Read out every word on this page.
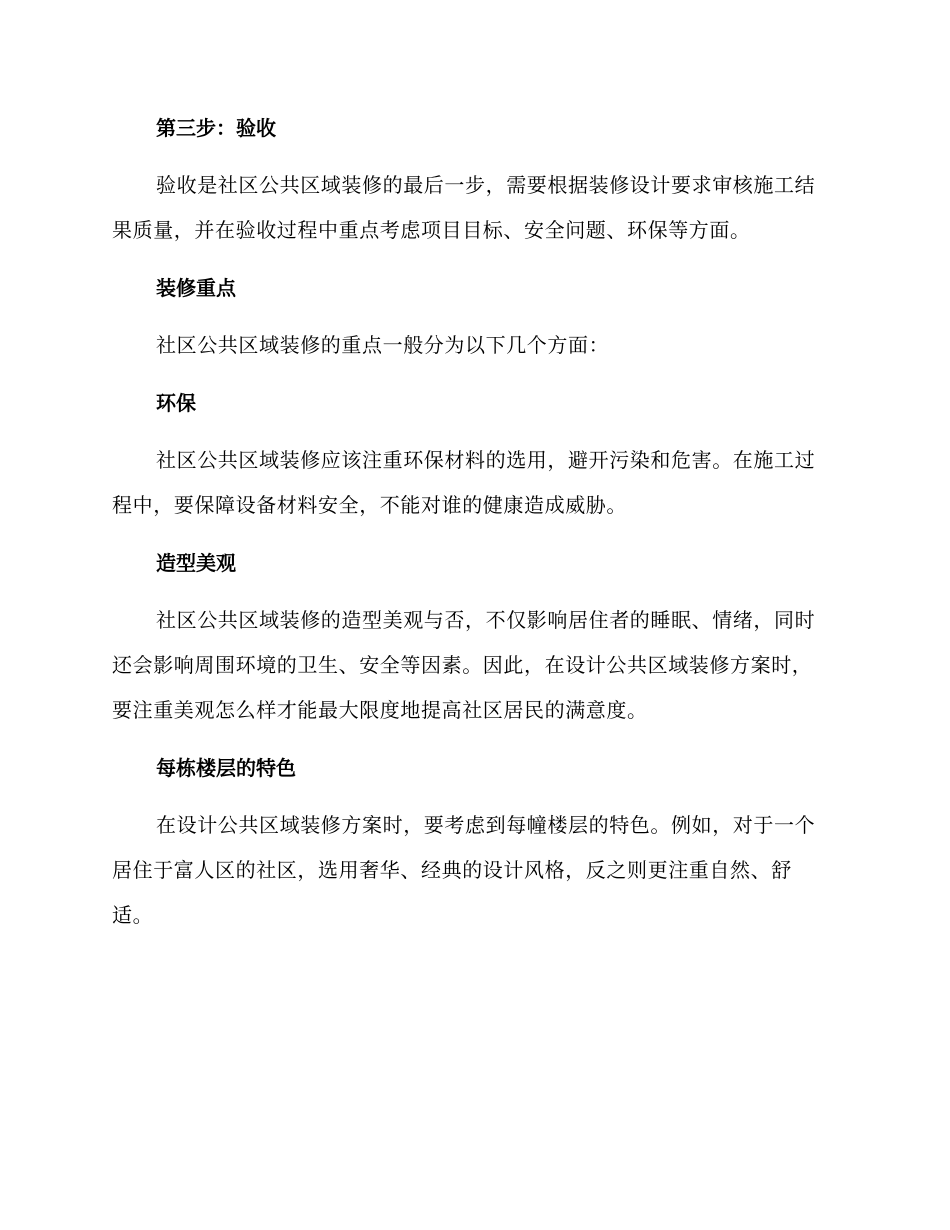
第三步：验收
验收是社区公共区域装修的最后一步，需要根据装修设计要求审核施工结果质量，并在验收过程中重点考虑项目目标、安全问题、环保等方面。
装修重点
社区公共区域装修的重点一般分为以下几个方面：
环保
社区公共区域装修应该注重环保材料的选用，避开污染和危害。在施工过程中，要保障设备材料安全，不能对谁的健康造成威胁。
造型美观
社区公共区域装修的造型美观与否，不仅影响居住者的睡眠、情绪，同时还会影响周围环境的卫生、安全等因素。因此，在设计公共区域装修方案时，要注重美观怎么样才能最大限度地提高社区居民的满意度。
每栋楼层的特色
在设计公共区域装修方案时，要考虑到每幢楼层的特色。例如，对于一个居住于富人区的社区，选用奢华、经典的设计风格，反之则更注重自然、舒适。
